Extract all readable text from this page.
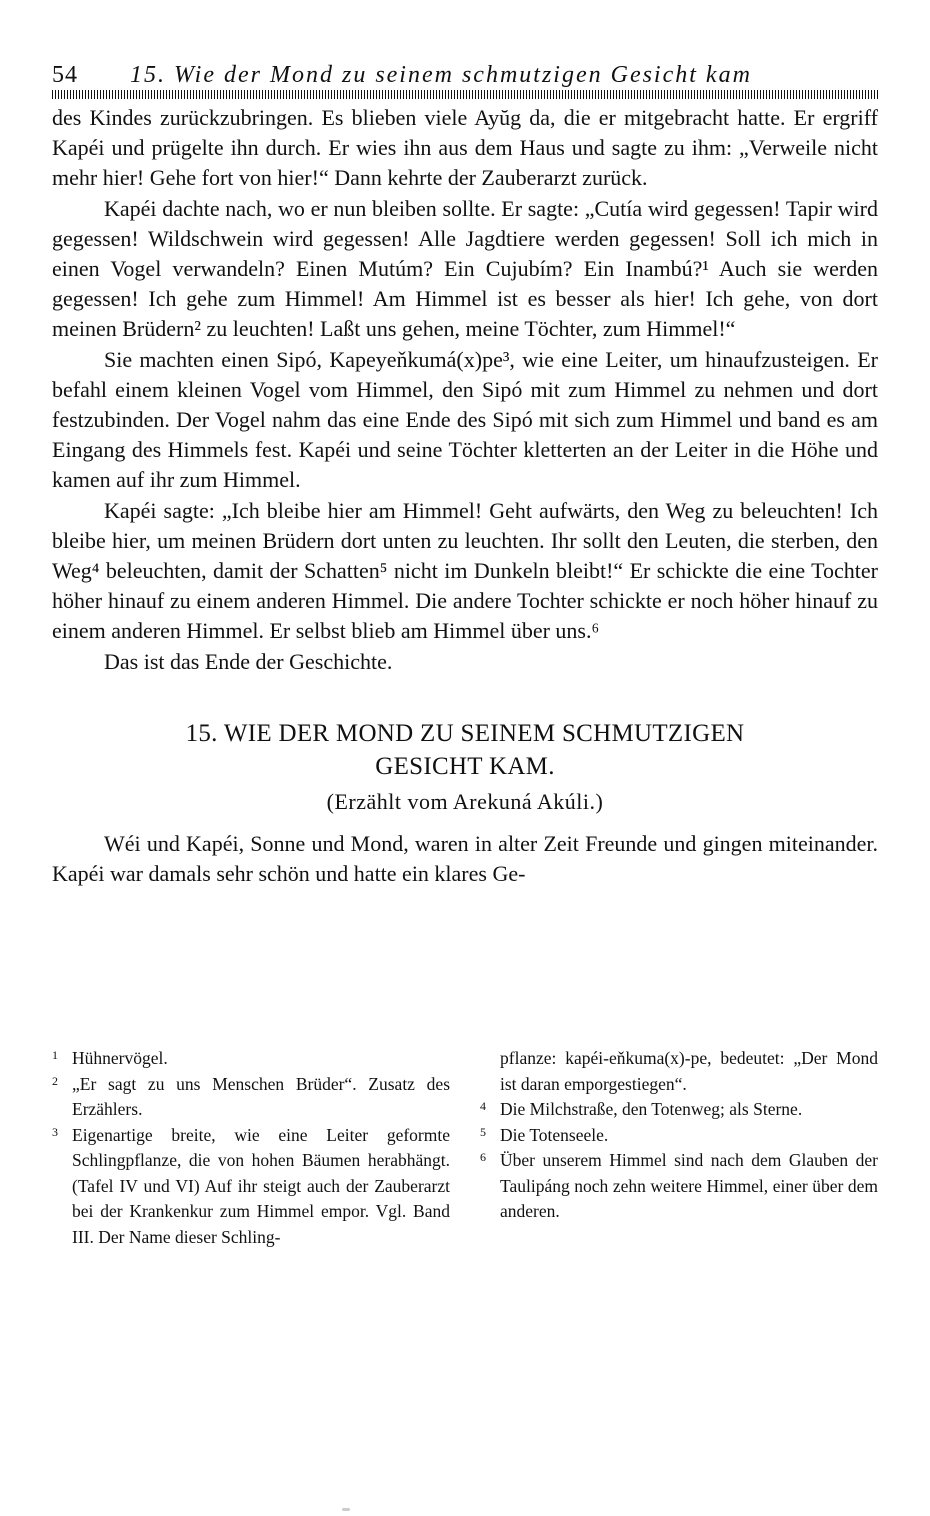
54	15. Wie der Mond zu seinem schmutzigen Gesicht kam

des Kindes zurückzubringen. Es blieben viele Ayŭg da, die er mitgebracht hatte. Er ergriff Kapéi und prügelte ihn durch. Er wies ihn aus dem Haus und sagte zu ihm: „Verweile nicht mehr hier! Gehe fort von hier!“ Dann kehrte der Zauberarzt zurück.

Kapéi dachte nach, wo er nun bleiben sollte. Er sagte: „Cutía wird gegessen! Tapir wird gegessen! Wildschwein wird gegessen! Alle Jagdtiere werden gegessen! Soll ich mich in einen Vogel verwandeln? Einen Mutúm? Ein Cujubím? Ein Inambú?¹ Auch sie werden gegessen! Ich gehe zum Himmel! Am Himmel ist es besser als hier! Ich gehe, von dort meinen Brüdern² zu leuchten! Laßt uns gehen, meine Töchter, zum Himmel!“

Sie machten einen Sipó, Kapeyeňkumá(x)pe³, wie eine Leiter, um hinaufzusteigen. Er befahl einem kleinen Vogel vom Himmel, den Sipó mit zum Himmel zu nehmen und dort festzubinden. Der Vogel nahm das eine Ende des Sipó mit sich zum Himmel und band es am Eingang des Himmels fest. Kapéi und seine Töchter kletterten an der Leiter in die Höhe und kamen auf ihr zum Himmel.

Kapéi sagte: „Ich bleibe hier am Himmel! Geht aufwärts, den Weg zu beleuchten! Ich bleibe hier, um meinen Brüdern dort unten zu leuchten. Ihr sollt den Leuten, die sterben, den Weg⁴ beleuchten, damit der Schatten⁵ nicht im Dunkeln bleibt!“ Er schickte die eine Tochter höher hinauf zu einem anderen Himmel. Die andere Tochter schickte er noch höher hinauf zu einem anderen Himmel. Er selbst blieb am Himmel über uns.⁶

Das ist das Ende der Geschichte.

15. WIE DER MOND ZU SEINEM SCHMUTZIGEN
GESICHT KAM.
(Erzählt vom Arekuná Akúli.)

Wéi und Kapéi, Sonne und Mond, waren in alter Zeit Freunde und gingen miteinander. Kapéi war damals sehr schön und hatte ein klares Ge-

1 Hühnervögel.
2 „Er sagt zu uns Menschen Brüder“. Zusatz des Erzählers.
3 Eigenartige breite, wie eine Leiter geformte Schlingpflanze, die von hohen Bäumen herabhängt. (Tafel IV und VI) Auf ihr steigt auch der Zauberarzt bei der Krankenkur zum Himmel empor. Vgl. Band III. Der Name dieser Schling-
pflanze: kapéi-eňkuma(x)-pe, bedeutet: „Der Mond ist daran emporgestiegen“.
4 Die Milchstraße, den Totenweg; als Sterne.
5 Die Totenseele.
6 Über unserem Himmel sind nach dem Glauben der Taulipáng noch zehn weitere Himmel, einer über dem anderen.
